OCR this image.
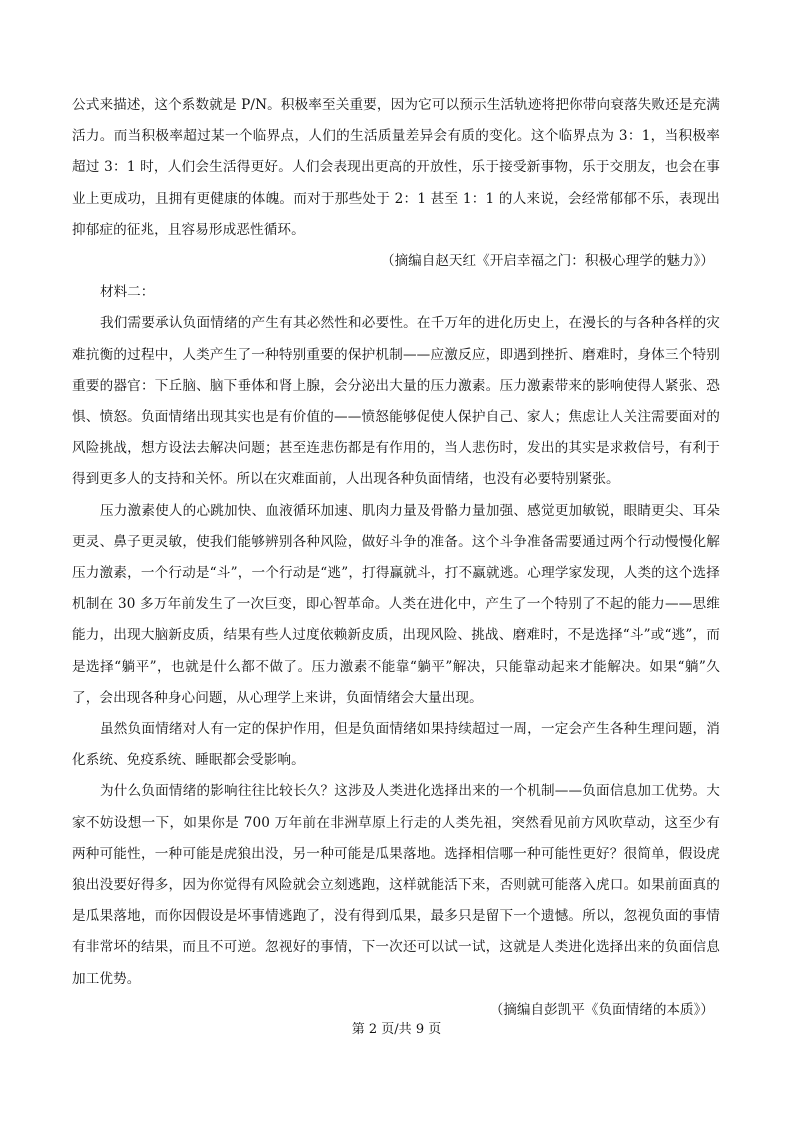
公式来描述，这个系数就是 P/N。积极率至关重要，因为它可以预示生活轨迹将把你带向衰落失败还是充满活力。而当积极率超过某一个临界点，人们的生活质量差异会有质的变化。这个临界点为 3：1，当积极率超过 3：1 时，人们会生活得更好。人们会表现出更高的开放性，乐于接受新事物，乐于交朋友，也会在事业上更成功，且拥有更健康的体魄。而对于那些处于 2：1 甚至 1：1 的人来说，会经常郁郁不乐，表现出抑郁症的征兆，且容易形成恶性循环。

（摘编自赵天红《开启幸福之门：积极心理学的魅力》）

材料二：

我们需要承认负面情绪的产生有其必然性和必要性。在千万年的进化历史上，在漫长的与各种各样的灾难抗衡的过程中，人类产生了一种特别重要的保护机制——应激反应，即遇到挫折、磨难时，身体三个特别重要的器官：下丘脑、脑下垂体和肾上腺，会分泌出大量的压力激素。压力激素带来的影响使得人紧张、恐惧、愤怒。负面情绪出现其实也是有价值的——愤怒能够促使人保护自己、家人；焦虑让人关注需要面对的风险挑战，想方设法去解决问题；甚至连悲伤都是有作用的，当人悲伤时，发出的其实是求救信号，有利于得到更多人的支持和关怀。所以在灾难面前，人出现各种负面情绪，也没有必要特别紧张。

压力激素使人的心跳加快、血液循环加速、肌肉力量及骨骼力量加强、感觉更加敏锐，眼睛更尖、耳朵更灵、鼻子更灵敏，使我们能够辨别各种风险，做好斗争的准备。这个斗争准备需要通过两个行动慢慢化解压力激素，一个行动是“斗”，一个行动是“逃”，打得赢就斗，打不赢就逃。心理学家发现，人类的这个选择机制在 30 多万年前发生了一次巨变，即心智革命。人类在进化中，产生了一个特别了不起的能力——思维能力，出现大脑新皮质，结果有些人过度依赖新皮质，出现风险、挑战、磨难时，不是选择“斗”或“逃”，而是选择“躺平”，也就是什么都不做了。压力激素不能靠“躺平”解决，只能靠动起来才能解决。如果“躺”久了，会出现各种身心问题，从心理学上来讲，负面情绪会大量出现。

虽然负面情绪对人有一定的保护作用，但是负面情绪如果持续超过一周，一定会产生各种生理问题，消化系统、免疫系统、睡眠都会受影响。

为什么负面情绪的影响往往比较长久？这涉及人类进化选择出来的一个机制——负面信息加工优势。大家不妨设想一下，如果你是 700 万年前在非洲草原上行走的人类先祖，突然看见前方风吹草动，这至少有两种可能性，一种可能是虎狼出没，另一种可能是瓜果落地。选择相信哪一种可能性更好？很简单，假设虎狼出没要好得多，因为你觉得有风险就会立刻逃跑，这样就能活下来，否则就可能落入虎口。如果前面真的是瓜果落地，而你因假设是坏事情逃跑了，没有得到瓜果，最多只是留下一个遗憾。所以，忽视负面的事情有非常坏的结果，而且不可逆。忽视好的事情，下一次还可以试一试，这就是人类进化选择出来的负面信息加工优势。

（摘编自彭凯平《负面情绪的本质》）

第 2 页/共 9 页
